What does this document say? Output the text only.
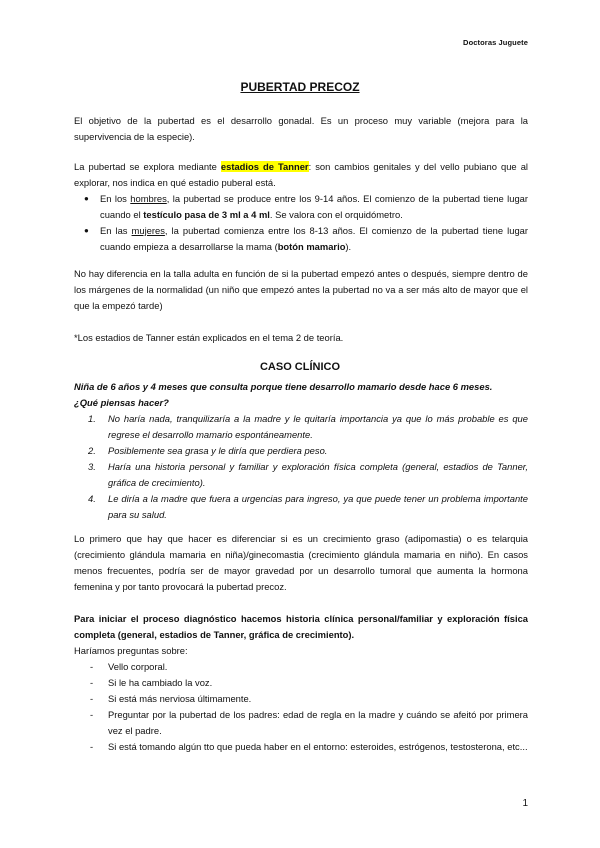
Doctoras Juguete
PUBERTAD PRECOZ
El objetivo de la pubertad es el desarrollo gonadal. Es un proceso muy variable (mejora para la supervivencia de la especie).
La pubertad se explora mediante estadios de Tanner: son cambios genitales y del vello pubiano que al explorar, nos indica en qué estadio puberal está.
● En los hombres, la pubertad se produce entre los 9-14 años. El comienzo de la pubertad tiene lugar cuando el testículo pasa de 3 ml a 4 ml. Se valora con el orquidómetro.
● En las mujeres, la pubertad comienza entre los 8-13 años. El comienzo de la pubertad tiene lugar cuando empieza a desarrollarse la mama (botón mamario).
No hay diferencia en la talla adulta en función de si la pubertad empezó antes o después, siempre dentro de los márgenes de la normalidad (un niño que empezó antes la pubertad no va a ser más alto de mayor que el que la empezó tarde)
*Los estadios de Tanner están explicados en el tema 2 de teoría.
CASO CLÍNICO
Niña de 6 años y 4 meses que consulta porque tiene desarrollo mamario desde hace 6 meses.
¿Qué piensas hacer?
1. No haría nada, tranquilizaría a la madre y le quitaría importancia ya que lo más probable es que regrese el desarrollo mamario espontáneamente.
2. Posiblemente sea grasa y le diría que perdiera peso.
3. Haría una historia personal y familiar y exploración física completa (general, estadios de Tanner, gráfica de crecimiento).
4. Le diría a la madre que fuera a urgencias para ingreso, ya que puede tener un problema importante para su salud.
Lo primero que hay que hacer es diferenciar si es un crecimiento graso (adipomastia) o es telarquia (crecimiento glándula mamaria en niña)/ginecomastia (crecimiento glándula mamaria en niño). En casos menos frecuentes, podría ser de mayor gravedad por un desarrollo tumoral que aumenta la hormona femenina y por tanto provocará la pubertad precoz.
Para iniciar el proceso diagnóstico hacemos historia clínica personal/familiar y exploración física completa (general, estadios de Tanner, gráfica de crecimiento).
Haríamos preguntas sobre:
- Vello corporal.
- Si le ha cambiado la voz.
- Si está más nerviosa últimamente.
- Preguntar por la pubertad de los padres: edad de regla en la madre y cuándo se afeitó por primera vez el padre.
- Si está tomando algún tto que pueda haber en el entorno: esteroides, estrógenos, testosterona, etc...
1
